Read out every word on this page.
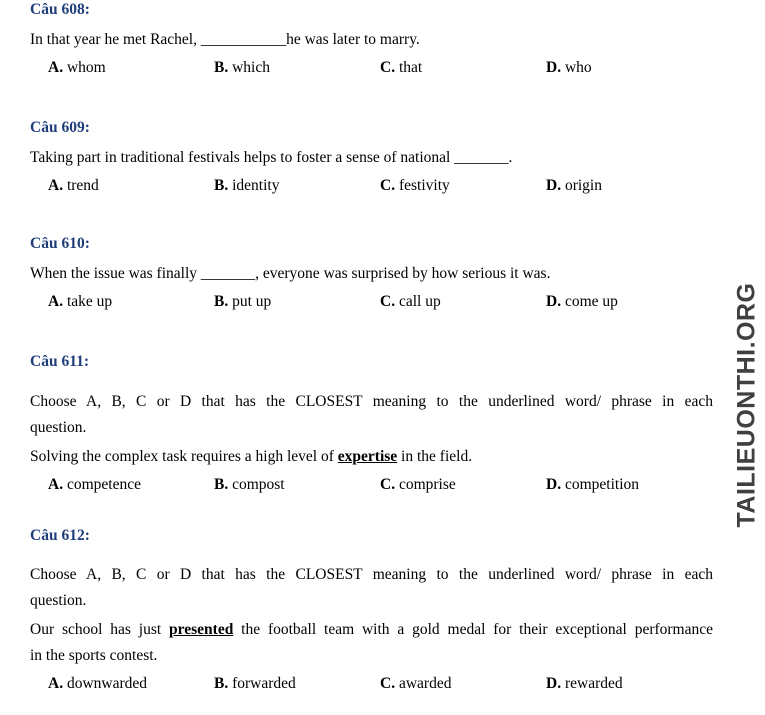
Câu 608:
In that year he met Rachel, ___________he was later to marry.
A. whom	B. which	C. that	D. who
Câu 609:
Taking part in traditional festivals helps to foster a sense of national _______.
A. trend	B. identity	C. festivity	D. origin
Câu 610:
When the issue was finally _______, everyone was surprised by how serious it was.
A. take up	B. put up	C. call up	D. come up
Câu 611:
Choose A, B, C or D that has the CLOSEST meaning to the underlined word/ phrase in each
question.
Solving the complex task requires a high level of expertise in the field.
A. competence	B. compost	C. comprise	D. competition
Câu 612:
Choose A, B, C or D that has the CLOSEST meaning to the underlined word/ phrase in each
question.
Our school has just presented the football team with a gold medal for their exceptional performance
in the sports contest.
A. downwarded	B. forwarded	C. awarded	D. rewarded
TAILIEUONTHI.ORG
